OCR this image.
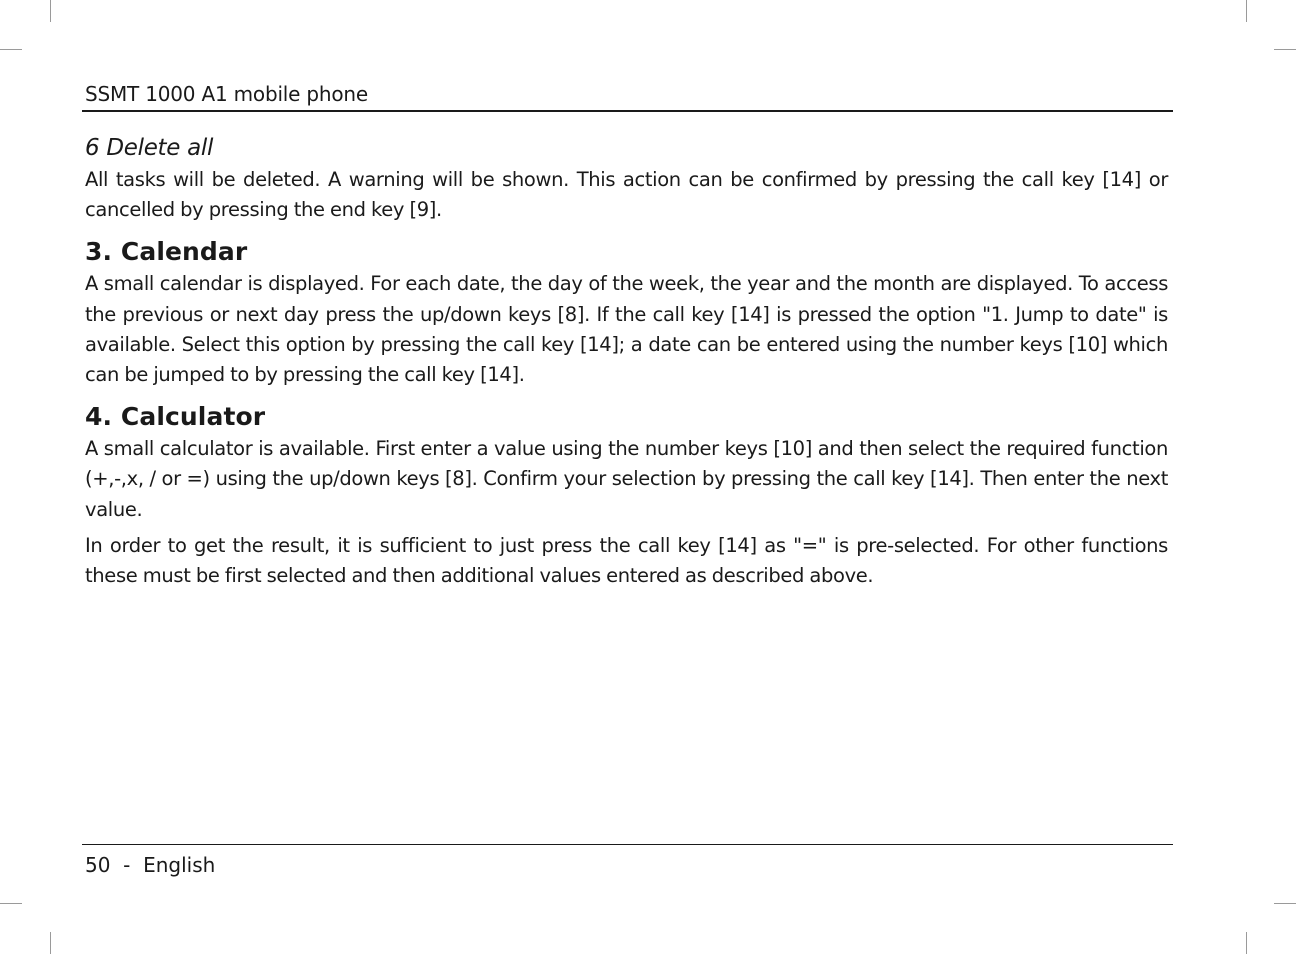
SSMT 1000 A1 mobile phone
6 Delete all

All tasks will be deleted. A warning will be shown. This action can be confirmed by pressing the call key [14] or cancelled by pressing the end key [9].

3. Calendar

A small calendar is displayed. For each date, the day of the week, the year and the month are displayed. To access the previous or next day press the up/down keys [8]. If the call key [14] is pressed the option "1. Jump to date" is available. Select this option by pressing the call key [14]; a date can be entered using the number keys [10] which can be jumped to by pressing the call key [14].

4. Calculator

A small calculator is available. First enter a value using the number keys [10] and then select the required function (+,-,x, / or =) using the up/down keys [8]. Confirm your selection by pressing the call key [14]. Then enter the next value.

In order to get the result, it is sufficient to just press the call key [14] as "=" is pre-selected. For other functions these must be first selected and then additional values entered as described above.

50  -  English
